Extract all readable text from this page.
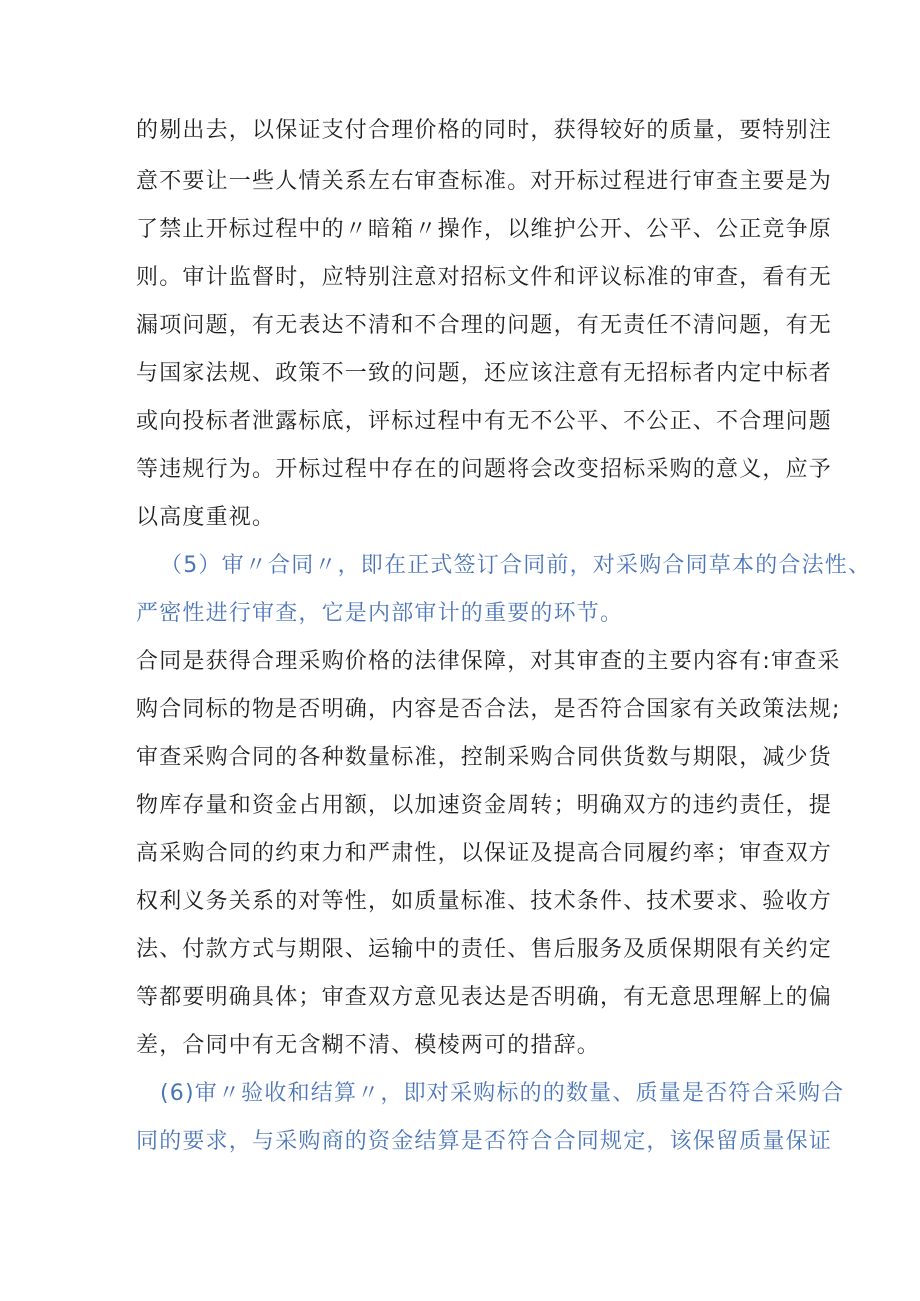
的剔出去，以保证支付合理价格的同时，获得较好的质量，要特别注
意不要让一些人情关系左右审查标准。对开标过程进行审查主要是为
了禁止开标过程中的〃暗箱〃操作，以维护公开、公平、公正竞争原
则。审计监督时，应特别注意对招标文件和评议标准的审查，看有无
漏项问题，有无表达不清和不合理的问题，有无责任不清问题，有无
与国家法规、政策不一致的问题，还应该注意有无招标者内定中标者
或向投标者泄露标底，评标过程中有无不公平、不公正、不合理问题
等违规行为。开标过程中存在的问题将会改变招标采购的意义，应予
以高度重视。
（5）审〃合同〃，即在正式签订合同前，对采购合同草本的合法性、
严密性进行审查，它是内部审计的重要的环节。
合同是获得合理采购价格的法律保障，对其审查的主要内容有:审查采
购合同标的物是否明确，内容是否合法，是否符合国家有关政策法规;
审查采购合同的各种数量标准，控制采购合同供货数与期限，减少货
物库存量和资金占用额，以加速资金周转；明确双方的违约责任，提
高采购合同的约束力和严肃性，以保证及提高合同履约率；审查双方
权利义务关系的对等性，如质量标准、技术条件、技术要求、验收方
法、付款方式与期限、运输中的责任、售后服务及质保期限有关约定
等都要明确具体；审查双方意见表达是否明确，有无意思理解上的偏
差，合同中有无含糊不清、模棱两可的措辞。
(6)审〃验收和结算〃，即对采购标的的数量、质量是否符合采购合
同的要求，与采购商的资金结算是否符合合同规定，该保留质量保证
